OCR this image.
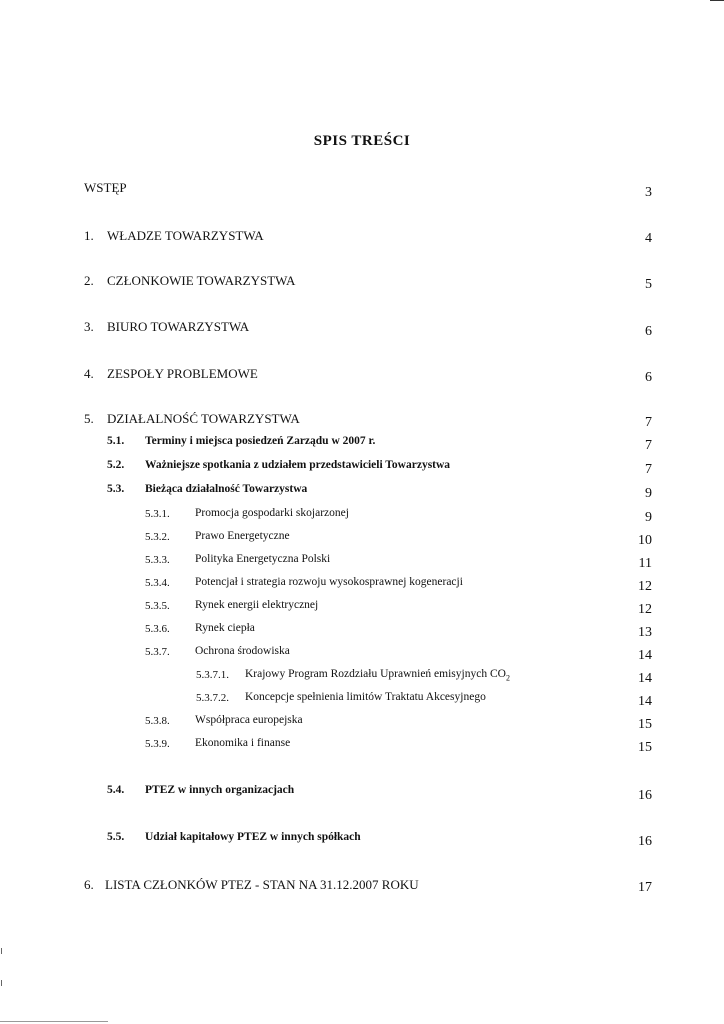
SPIS TREŚCI
WSTĘP	3
1. WŁADZE TOWARZYSTWA	4
2. CZŁONKOWIE TOWARZYSTWA	5
3. BIURO TOWARZYSTWA	6
4. ZESPOŁY PROBLEMOWE	6
5. DZIAŁALNOŚĆ TOWARZYSTWA	7
5.1. Terminy i miejsca posiedzeń Zarządu w 2007 r.	7
5.2. Ważniejsze spotkania z udziałem przedstawicieli Towarzystwa	7
5.3. Bieżąca działalność Towarzystwa	9
5.3.1. Promocja gospodarki skojarzonej	9
5.3.2. Prawo Energetyczne	10
5.3.3. Polityka Energetyczna Polski	11
5.3.4. Potencjał i strategia rozwoju wysokosprawnej kogeneracji	12
5.3.5. Rynek energii elektrycznej	12
5.3.6. Rynek ciepła	13
5.3.7. Ochrona środowiska	14
5.3.7.1. Krajowy Program Rozdziału Uprawnień emisyjnych $CO_2$	14
5.3.7.2. Koncepcje spełnienia limitów Traktatu Akcesyjnego	14
5.3.8. Współpraca europejska	15
5.3.9. Ekonomika i finanse	15
5.4. PTEZ w innych organizacjach	16
5.5. Udział kapitałowy PTEZ w innych spółkach	16
6. LISTA CZŁONKÓW PTEZ - STAN NA 31.12.2007 ROKU	17
